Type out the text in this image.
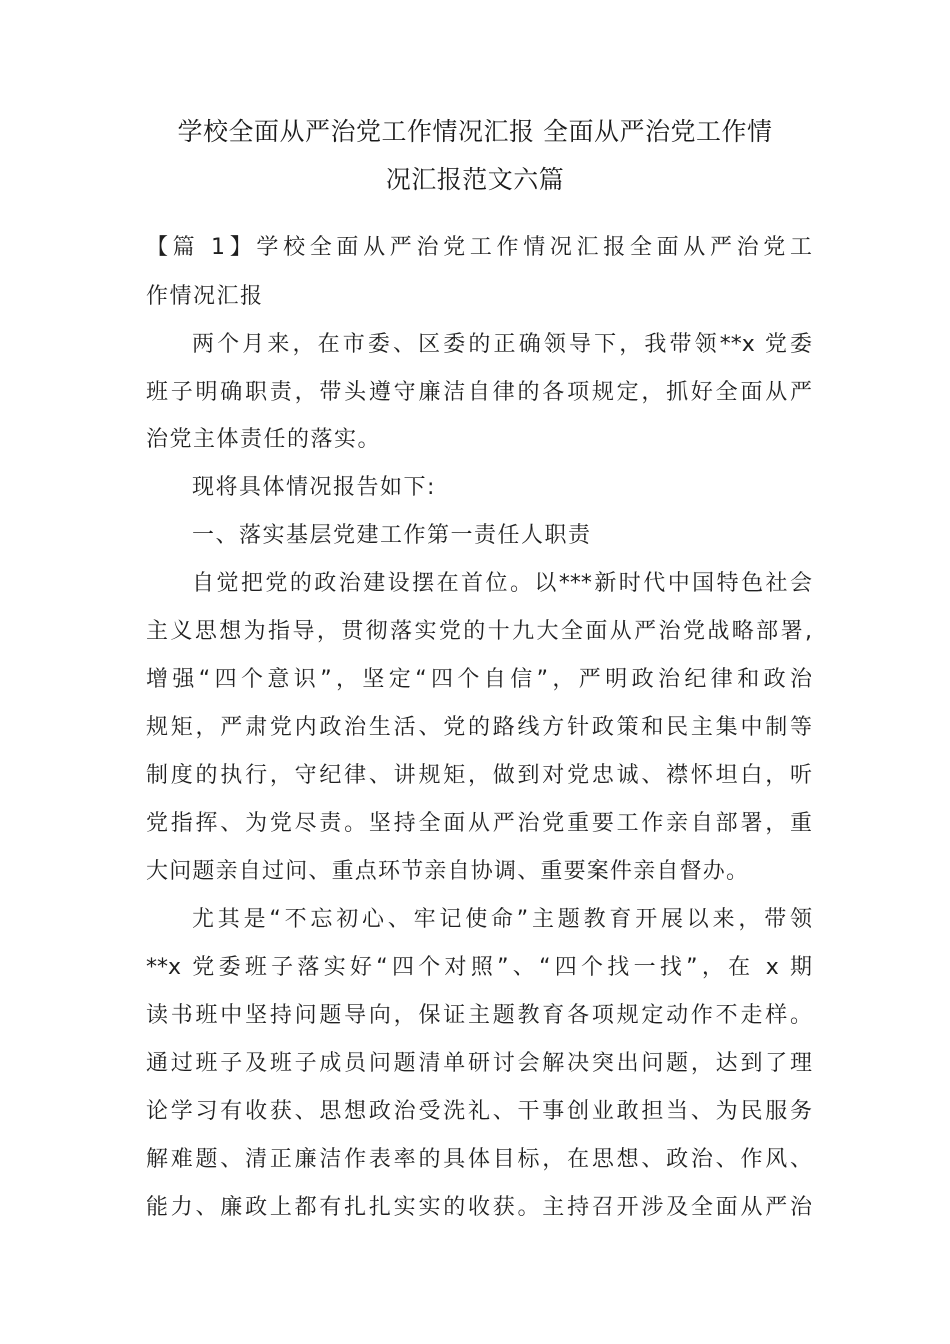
学校全面从严治党工作情况汇报 全面从严治党工作情
况汇报范文六篇
【篇 1】学校全面从严治党工作情况汇报全面从严治党工
作情况汇报
两个月来，在市委、区委的正确领导下，我带领**x 党委
班子明确职责，带头遵守廉洁自律的各项规定，抓好全面从严
治党主体责任的落实。
现将具体情况报告如下:
一、落实基层党建工作第一责任人职责
自觉把党的政治建设摆在首位。以***新时代中国特色社会
主义思想为指导，贯彻落实党的十九大全面从严治党战略部署,
增强“四个意识”，坚定“四个自信”，严明政治纪律和政治
规矩，严肃党内政治生活、党的路线方针政策和民主集中制等
制度的执行，守纪律、讲规矩，做到对党忠诚、襟怀坦白，听
党指挥、为党尽责。坚持全面从严治党重要工作亲自部署，重
大问题亲自过问、重点环节亲自协调、重要案件亲自督办。
尤其是“不忘初心、牢记使命”主题教育开展以来，带领
**x 党委班子落实好“四个对照”、“四个找一找”，在 x 期
读书班中坚持问题导向，保证主题教育各项规定动作不走样。
通过班子及班子成员问题清单研讨会解决突出问题，达到了理
论学习有收获、思想政治受洗礼、干事创业敢担当、为民服务
解难题、清正廉洁作表率的具体目标，在思想、政治、作风、
能力、廉政上都有扎扎实实的收获。主持召开涉及全面从严治
